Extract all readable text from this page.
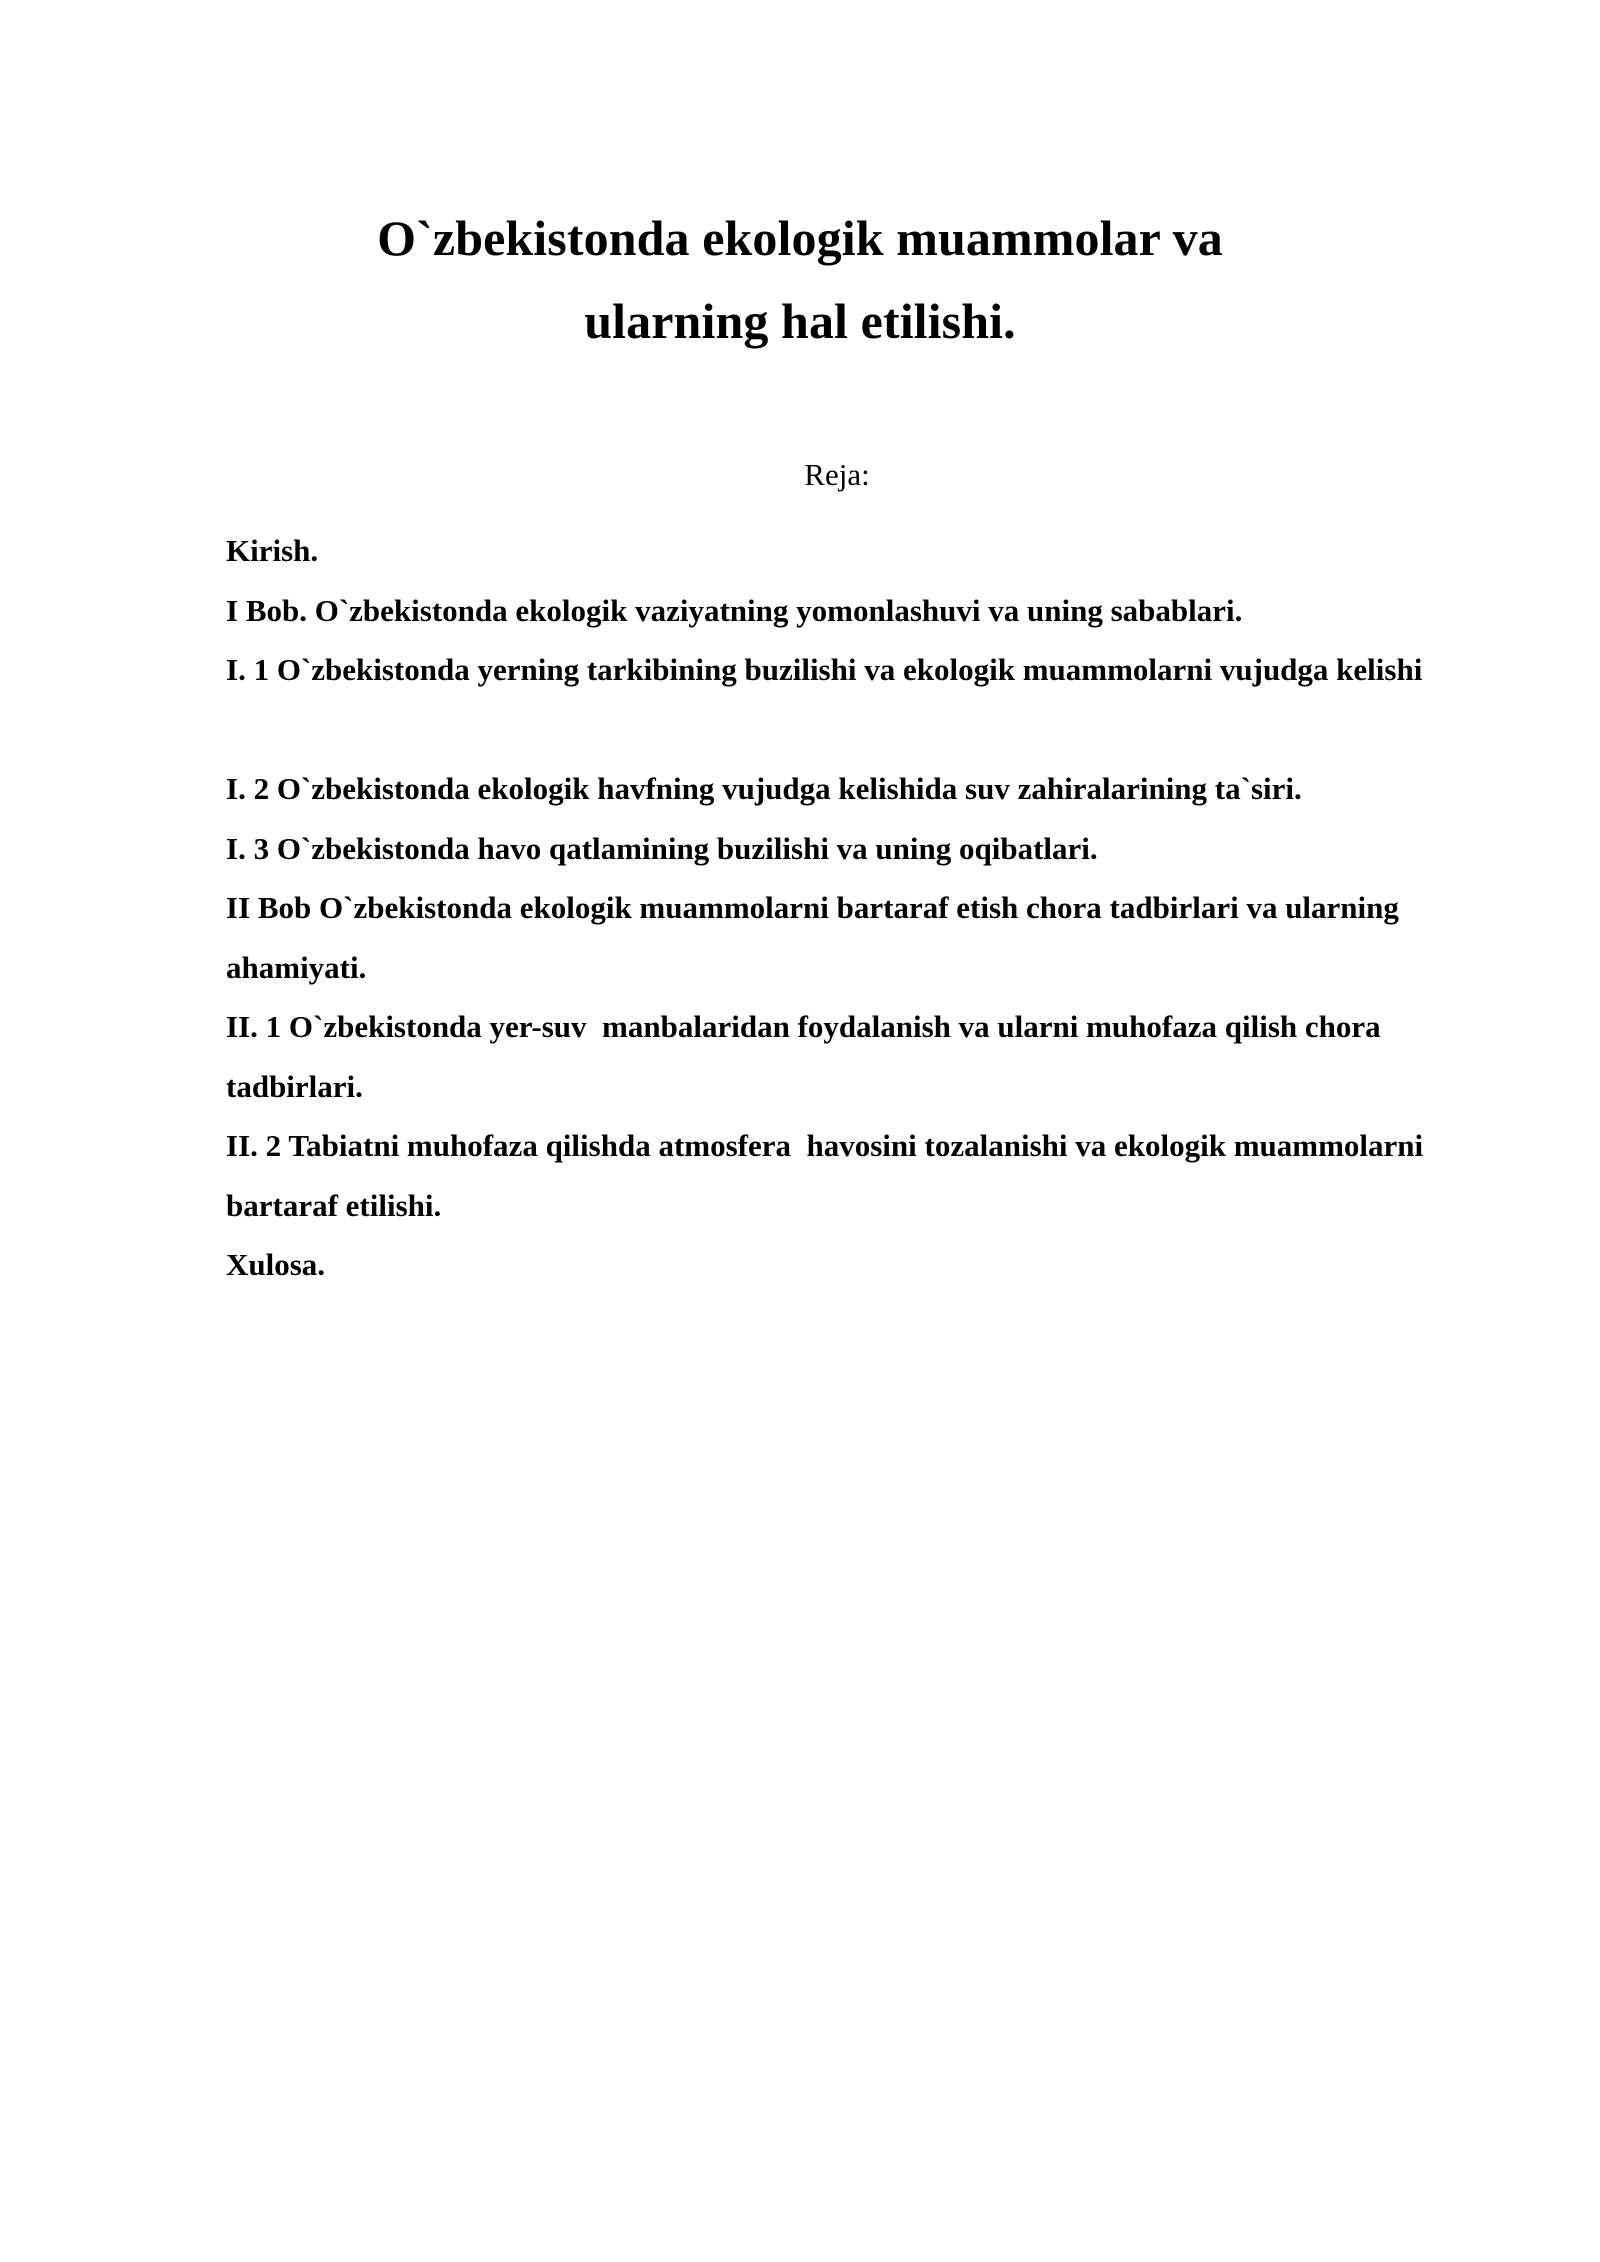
O`zbekistonda ekologik muammolar va
ularning hal etilishi.
Reja:
Kirish.
I Bob. O`zbekistonda ekologik vaziyatning yomonlashuvi va uning sabablari.
I. 1 O`zbekistonda yerning tarkibining buzilishi va ekologik muammolarni vujudga kelishi
I. 2 O`zbekistonda ekologik havfning vujudga kelishida suv zahiralarining ta`siri.
I. 3 O`zbekistonda havo qatlamining buzilishi va uning oqibatlari.
II Bob O`zbekistonda ekologik muammolarni bartaraf etish chora tadbirlari va ularning ahamiyati.
II. 1 O`zbekistonda yer-suv  manbalaridan foydalanish va ularni muhofaza qilish chora tadbirlari.
II. 2 Tabiatni muhofaza qilishda atmosfera  havosini tozalanishi va ekologik muammolarni bartaraf etilishi.
Xulosa.
